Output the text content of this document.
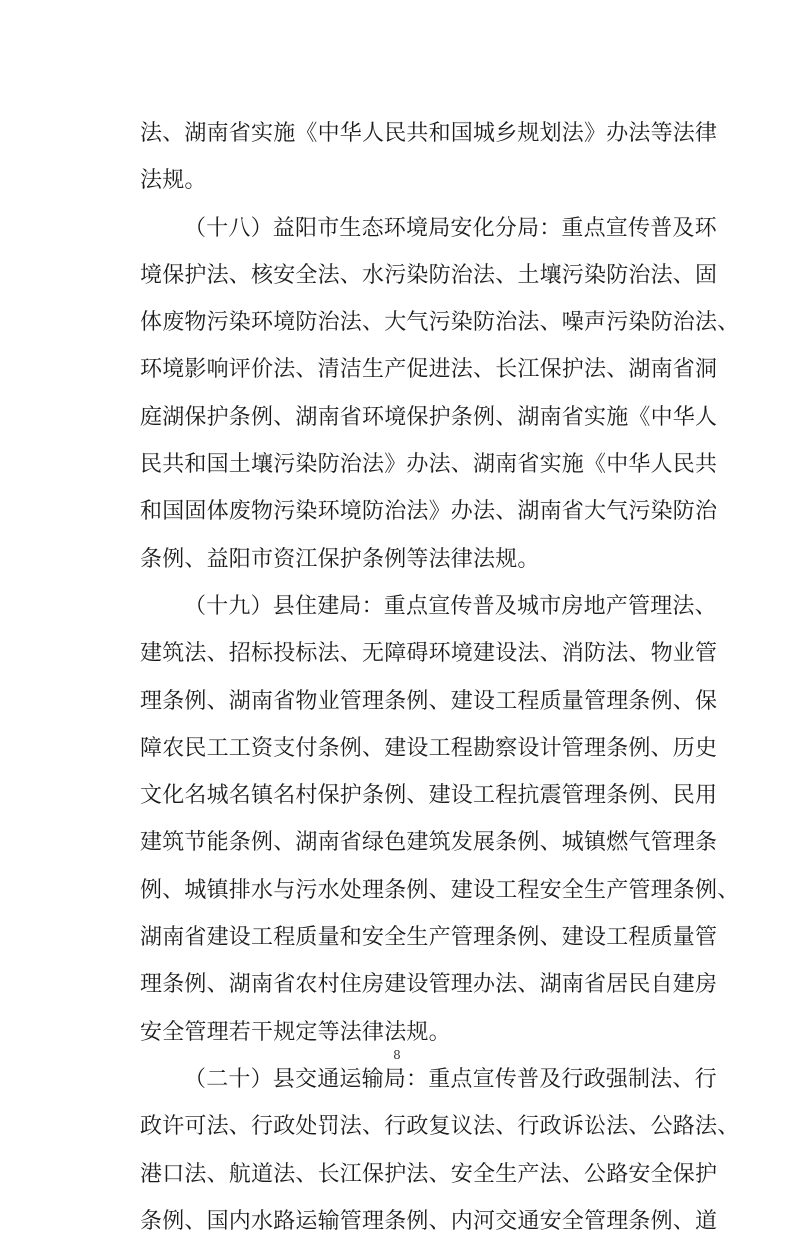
法、湖南省实施《中华人民共和国城乡规划法》办法等法律
法规。
（十八）益阳市生态环境局安化分局：重点宣传普及环
境保护法、核安全法、水污染防治法、土壤污染防治法、固
体废物污染环境防治法、大气污染防治法、噪声污染防治法、
环境影响评价法、清洁生产促进法、长江保护法、湖南省洞
庭湖保护条例、湖南省环境保护条例、湖南省实施《中华人
民共和国土壤污染防治法》办法、湖南省实施《中华人民共
和国固体废物污染环境防治法》办法、湖南省大气污染防治
条例、益阳市资江保护条例等法律法规。
（十九）县住建局：重点宣传普及城市房地产管理法、
建筑法、招标投标法、无障碍环境建设法、消防法、物业管
理条例、湖南省物业管理条例、建设工程质量管理条例、保
障农民工工资支付条例、建设工程勘察设计管理条例、历史
文化名城名镇名村保护条例、建设工程抗震管理条例、民用
建筑节能条例、湖南省绿色建筑发展条例、城镇燃气管理条
例、城镇排水与污水处理条例、建设工程安全生产管理条例、
湖南省建设工程质量和安全生产管理条例、建设工程质量管
理条例、湖南省农村住房建设管理办法、湖南省居民自建房
安全管理若干规定等法律法规。
（二十）县交通运输局：重点宣传普及行政强制法、行
政许可法、行政处罚法、行政复议法、行政诉讼法、公路法、
港口法、航道法、长江保护法、安全生产法、公路安全保护
条例、国内水路运输管理条例、内河交通安全管理条例、道
8
